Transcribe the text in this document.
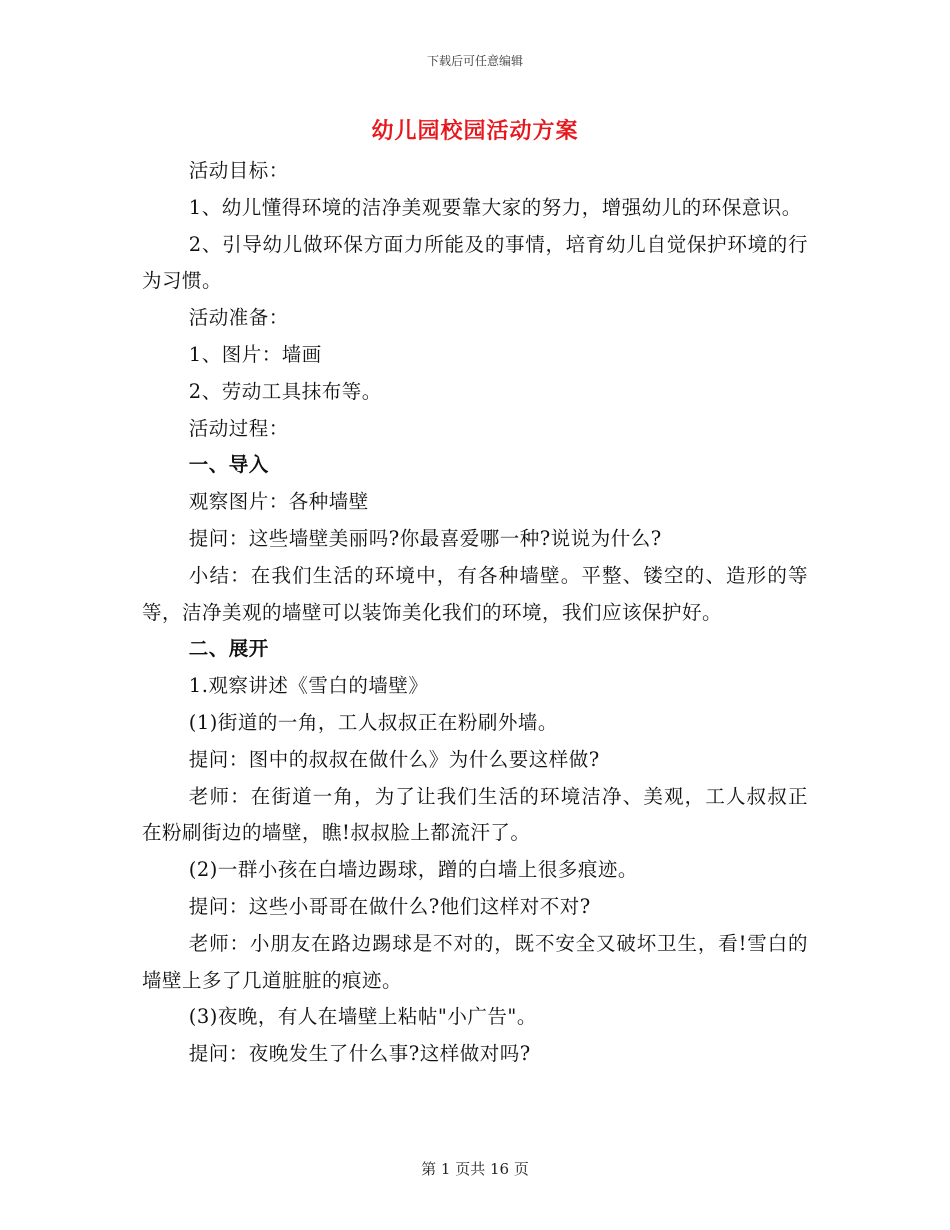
下载后可任意编辑
幼儿园校园活动方案

活动目标：

1、幼儿懂得环境的洁净美观要靠大家的努力，增强幼儿的环保意识。

2、引导幼儿做环保方面力所能及的事情，培育幼儿自觉保护环境的行为习惯。

活动准备：

1、图片：墙画

2、劳动工具抹布等。

活动过程：

一、导入

观察图片：各种墙壁

提问：这些墙壁美丽吗?你最喜爱哪一种?说说为什么?

小结：在我们生活的环境中，有各种墙壁。平整、镂空的、造形的等等，洁净美观的墙壁可以装饰美化我们的环境，我们应该保护好。

二、展开

1.观察讲述《雪白的墙壁》

(1)街道的一角，工人叔叔正在粉刷外墙。

提问：图中的叔叔在做什么》为什么要这样做?

老师：在街道一角，为了让我们生活的环境洁净、美观，工人叔叔正在粉刷街边的墙壁，瞧!叔叔脸上都流汗了。

(2)一群小孩在白墙边踢球，蹭的白墙上很多痕迹。

提问：这些小哥哥在做什么?他们这样对不对?

老师：小朋友在路边踢球是不对的，既不安全又破坏卫生，看!雪白的墙壁上多了几道脏脏的痕迹。

(3)夜晚，有人在墙壁上粘帖"小广告"。

提问：夜晚发生了什么事?这样做对吗?

第 1 页共 16 页
